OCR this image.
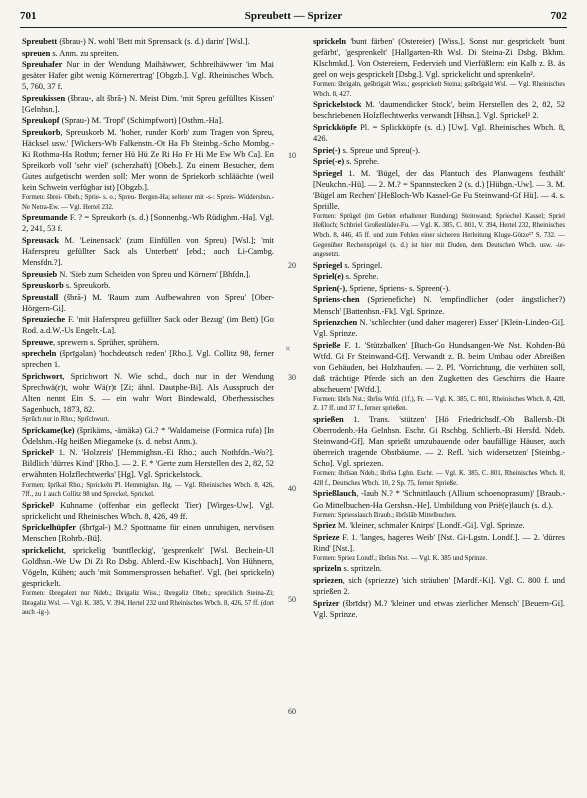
701	Spreubett — Sprizer	702

Spreubett (šbrau-) N. wohl 'Bett mit Sprensack (s. d.) darin' [Wsl.].

spreuen s. Anm. zu spreiten.

Spreuhafer Nur in der Wendung Maihäwwer, Schbreihäwwer 'im Mai gesäter Hafer gibt wenig Körnerertrag' [Obgzb.]. Vgl. Rheinisches Wbch. 5, 760, 37 f.

Spreukissen (šbrau-, alt šbrā-) N. Meist Dim. 'mit Spreu gefülltes Kissen' [Gelnhsn.].

Spreukopf (Sprau-) M. 'Tropf' (Schimpfwort) [Osthm.-Ha].

Spreukorb, Spreuskorb M. 'hoher, runder Korb' zum Tragen von Spreu, Häcksel usw.' [Wickers-Wb Falkenstn.-Ot Ha Fb Steinbg.-Scho Mombg.-Ki Rothma-Ha Rothm; ferner Hü Hü Ze Ri Ho Fr Hi Me Ew Wb Ca]. En Spreikorb voll 'sehr viel' (scherzhaft) [Obeb.]. Zu einem Besucher, dem Gutes aufgetischt werden soll: Mer wonn de Spriekorb schläächte (weil kein Schwein verfügbar ist) [Obgzb.].

Formen: šbrei- Obeb.; Sprie- s. o.; Spreu- Bergen-Ha; seltener mit -s-: Spreis- Widdersbsn.-Ne Netra-Ew. — Vgl. Hertel 232.

Spreumande F. ? = Spreukorb (s. d.) [Sonnenbg.-Wb Rüdighm.-Ha]. Vgl. 2, 241, 53 f.

Spreusack M. 'Leinensack' (zum Einfüllen von Spreu) [Wsl.]; 'mit Haferspreu gefüllter Sack als Unterbett' [ebd.; auch Li-Cambg. Mensfdn.?].

Spreusieb N. 'Sieb zum Scheiden von Spreu und Körnern' [Bhfdn.].

Spreuskorb s. Spreukorb.

Spreustall (šbrā-) M. 'Raum zum Aufbewahren von Spreu' [Ober-Hörgern-Gi].

Spreuzieche F. 'mit Haferspreu gefüllter Sack oder Bezug' (im Bett) [Go Rod. a.d.W.-Us Engelr.-La].

Spreuwe, sprewern s. Sprüher, sprühern.

sprecheln (šprīgəlan) 'hochdeutsch reden' [Rho.]. Vgl. Collitz 98, ferner sprechen 1.

Sprichwort, Sprichwort N. Wie schd., doch nur in der Wendung Sprechwä(r)t, wohr Wä(r)t [Zi; ähnl. Dautphe-Bi]. Als Ausspruch der Alten nennt Ein S. — ein wahr Wort Bindewald, Oberhessisches Sagenbuch, 1873, 82.

Sprūch nur in Rho.; Sprīchwurt.

Sprickame(ke) (šprikäms, -ämäkə) Gi.? * 'Waldameise (Formica rufa) [In Ödelshm.-Hg heißen Miegameke (s. d. nebst Anm.).

Sprickel¹ 1. N. 'Holzreis' [Hemmighsn.-Ei Rho.; auch Nothfdn.-Wo?]. Bildlich 'dürres Kind' [Rho.]. — 2. F. * 'Gerte zum Herstellen des 2, 82, 52 erwähnten Holzflechtwerks' [Hg]. Vgl. Sprickelstock.

Formen: šprīkəl Rho.; Sprickeln Pl. Hemmighsn. Hg. — Vgl. Rheinisches Wbch. 8, 426, 7ff., zu 1 auch Collitz 98 und Spreckel, Sprickel.

Sprickel² Kuhname (offenbar ein gefleckt Tier) [Wirges-Uw]. Vgl. sprickelicht und Rheinisches Wbch. 8, 426, 49 ff.

Sprickelhüpfer (šbrīgəl-) M.? Spottname für einen unruhigen, nervösen Menschen [Rohrb.-Bü].

sprickelicht, sprickelig 'buntfleckig', 'gesprenkelt' [Wsl. Bechein-Ul Goldhsn.-We Uw Di Zi Ro Dsbg. Ahlerd.-Ew Kischbach]. Von Hühnern, Vögeln, Kühen; auch 'mit Sommersprossen behaftet'. Vgl. (bei sprickeln) gesprickelt.

Formen: šbregəlezt nur Ndeb.; šbrigəliz Wiss.; šbregəliz Obeb.; sprecklich Steina-Zi; šbrəgəliz Wsl. — Vgl. K. 385, V. 394, Hertel 232 und Rheinisches Wbch. 8, 426, 57 ff. (dort auch -ig-).

sprickeln 'bunt färben' (Ostereier) [Wiss.]. Sonst nur gesprickelt 'bunt gefärbt', 'gesprenkelt' [Hallgarten-Rh Wsl. Di Steina-Zi Dsbg. Bkhm. Klschmkd.]. Von Ostereiern, Federvieh und Vierfüßlern: ein Kalb z. B. äs geel on wejs gesprickelt [Dsbg.]. Vgl. sprickelicht und sprenkeln².

Formen: šbrigəln, gešbrigəlt Wiss.; gesprickelt Steina; gəšbrīgəld Wsl. — Vgl. Rheinisches Wbch. 8, 427.

Sprickelstock M. 'daumendicker Stock', beim Herstellen des 2, 82, 52 beschriebenen Holzflechtwerks verwandt [Hhsn.]. Vgl. Sprickel¹ 2.

Sprickköpfe Pl. = Splickköpfe (s. d.) [Uw]. Vgl. Rheinisches Wbch. 8, 426.

Sprie(-) s. Spreue und Spreu(-).

Sprie(-e) s. Sprehe.

Spriegel 1. M. 'Bügel, der das Plantuch des Planwagens festhält' [Neukchn.-Hü]. — 2. M.? = Spannstecken 2 (s. d.) [Hübgn.-Uw]. — 3. M. 'Bügel am Rechen' [Heßloch-Wb Kassel-Ge Fu Steinwand-Gf Hü]. — 4. s. Spriille.

Formen: Sprügel (im Gebiet erhaltener Rundung) Steinwand; Spriechel Kassel; Spriel Heßloch; Schbriel Großenlüder-Fu. — Vgl. K. 385, C. 801, V. 394, Hertel 232, Rheinisches Wbch. 8, 446, 45 ff. und zum Fehlen einer sicheren Herleitung Kluge-Götze¹⁷ S. 732. — Gegenüber Rechensprügel (s. d.) ist hier mit Duden, dem Deutschen Wbch. usw. -ie- angesetzt.

Spriegel s. Springel.

Spriel(e) s. Sprehe.

Sprien(-), Spriene, Spriens- s. Spreen(-).

Spriens-chen (Sprienefiche) N. 'empfindlicher (oder ängstlicher?) Mensch' [Battenhsn.-Fk]. Vgl. Sprinze.

Sprienzchen N. 'schlechter (und daher magerer) Esser' [Klein-Linden-Gi]. Vgl. Sprinze.

Sprieße F. 1. 'Stützbalken' [Buch-Go Hundsangen-We Nst. Kohden-Bü Wtfd. Gi Fr Steinwand-Gf]. Verwandt z. B. beim Umbau oder Abreißen von Gebäuden, bei Holzhaufen. — 2. Pl. 'Vorrichtung, die verhüten soll, daß trächtige Pferde sich an den Zugketten des Geschirrs die Haare abscheuern' [Wtfd.].

Formen: šbrīs Nst.; šbrīss Wtfd. (1f.), Fr. — Vgl. K. 385, C. 801, Rheinisches Wbch. 8, 428, Z. 17 ff. und 37 f., ferner sprießen.

sprießen 1. Trans. 'stützen' [Hö Friedrichsdf.-Ob Ballersb.-Di Oberrodenb.-Ha Gelnhsn. Eschr. Gi Rschbg. Schlierb.-Bi Hersfd. Ndeb. Steinwand-Gf]. Man sprießt umzubauende oder baufällige Häuser, auch überreich tragende Obstbäume. — 2. Refl. 'sich widersetzen' [Steinbg.-Scho]. Vgl. spriezen.

Formen: šbrīsən Ndeb.; šbrīsə Lghn. Eschr. — Vgl. K. 385, C. 801, Rheinisches Wbch. 8, 428 f., Deutsches Wbch. 10, 2 Sp. 75, ferner Sprieße.

Sprießlauch, -laub N.? * 'Schnittlauch (Allium schoenoprasum)' [Braub.-Go Mittelbuchen-Ha Gershsn.-He]. Umbildung von Prië(e)lauch (s. d.).

Formen: Spriesslauch Braub.; šbrīslāb Mittelbuchen.

Spriez M. 'kleiner, schmaler Knirps' [Londf.-Gi]. Vgl. Sprinze.

Sprieze F. 1. 'langes, hageres Weib' [Nst. Gi-Lgstn. Londf.]. — 2. 'dürres Rind' [Nst.].

Formen: Spriez Londf.; šbrīsts Nst. — Vgl. K. 385 und Sprinze.

sprizeln s. spritzeln.

spriezen, sich (spriezze) 'sich sträuben' [Mardf.-Ki]. Vgl. C. 800 f. und sprießen 2.

Sprizer (šbrīdsṛ) M.? 'kleiner und etwas zierlicher Mensch' [Beuern-Gi]. Vgl. Sprinze.

10
20
30
40
50
60
×
